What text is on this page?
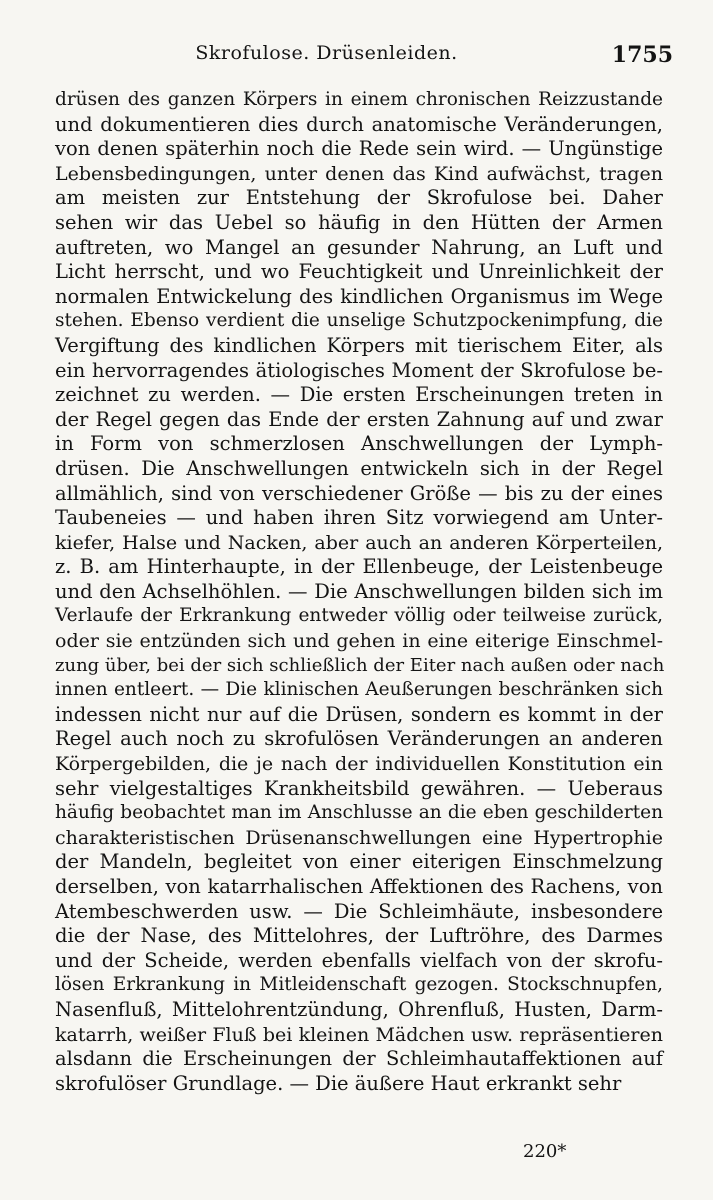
Skrofulose. Drüsenleiden.	1755
drüsen des ganzen Körpers in einem chronischen Reizzustande
und dokumentieren dies durch anatomische Veränderungen,
von denen späterhin noch die Rede sein wird. — Ungünstige
Lebensbedingungen, unter denen das Kind aufwächst, tragen
am meisten zur Entstehung der Skrofulose bei. Daher
sehen wir das Uebel so häufig in den Hütten der Armen
auftreten, wo Mangel an gesunder Nahrung, an Luft und
Licht herrscht, und wo Feuchtigkeit und Unreinlichkeit der
normalen Entwickelung des kindlichen Organismus im Wege
stehen. Ebenso verdient die unselige Schutzpockenimpfung, die
Vergiftung des kindlichen Körpers mit tierischem Eiter, als
ein hervorragendes ätiologisches Moment der Skrofulose be-
zeichnet zu werden. — Die ersten Erscheinungen treten in
der Regel gegen das Ende der ersten Zahnung auf und zwar
in Form von schmerzlosen Anschwellungen der Lymph-
drüsen. Die Anschwellungen entwickeln sich in der Regel
allmählich, sind von verschiedener Größe — bis zu der eines
Taubeneies — und haben ihren Sitz vorwiegend am Unter-
kiefer, Halse und Nacken, aber auch an anderen Körperteilen,
z. B. am Hinterhaupte, in der Ellenbeuge, der Leistenbeuge
und den Achselhöhlen. — Die Anschwellungen bilden sich im
Verlaufe der Erkrankung entweder völlig oder teilweise zurück,
oder sie entzünden sich und gehen in eine eiterige Einschmel-
zung über, bei der sich schließlich der Eiter nach außen oder nach
innen entleert. — Die klinischen Aeußerungen beschränken sich
indessen nicht nur auf die Drüsen, sondern es kommt in der
Regel auch noch zu skrofulösen Veränderungen an anderen
Körpergebilden, die je nach der individuellen Konstitution ein
sehr vielgestaltiges Krankheitsbild gewähren. — Ueberaus
häufig beobachtet man im Anschlusse an die eben geschilderten
charakteristischen Drüsenanschwellungen eine Hypertrophie
der Mandeln, begleitet von einer eiterigen Einschmelzung
derselben, von katarrhalischen Affektionen des Rachens, von
Atembeschwerden usw. — Die Schleimhäute, insbesondere
die der Nase, des Mittelohres, der Luftröhre, des Darmes
und der Scheide, werden ebenfalls vielfach von der skrofu-
lösen Erkrankung in Mitleidenschaft gezogen. Stockschnupfen,
Nasenfluß, Mittelohrentzündung, Ohrenfluß, Husten, Darm-
katarrh, weißer Fluß bei kleinen Mädchen usw. repräsentieren
alsdann die Erscheinungen der Schleimhautaffektionen auf
skrofulöser Grundlage. — Die äußere Haut erkrankt sehr
220*
